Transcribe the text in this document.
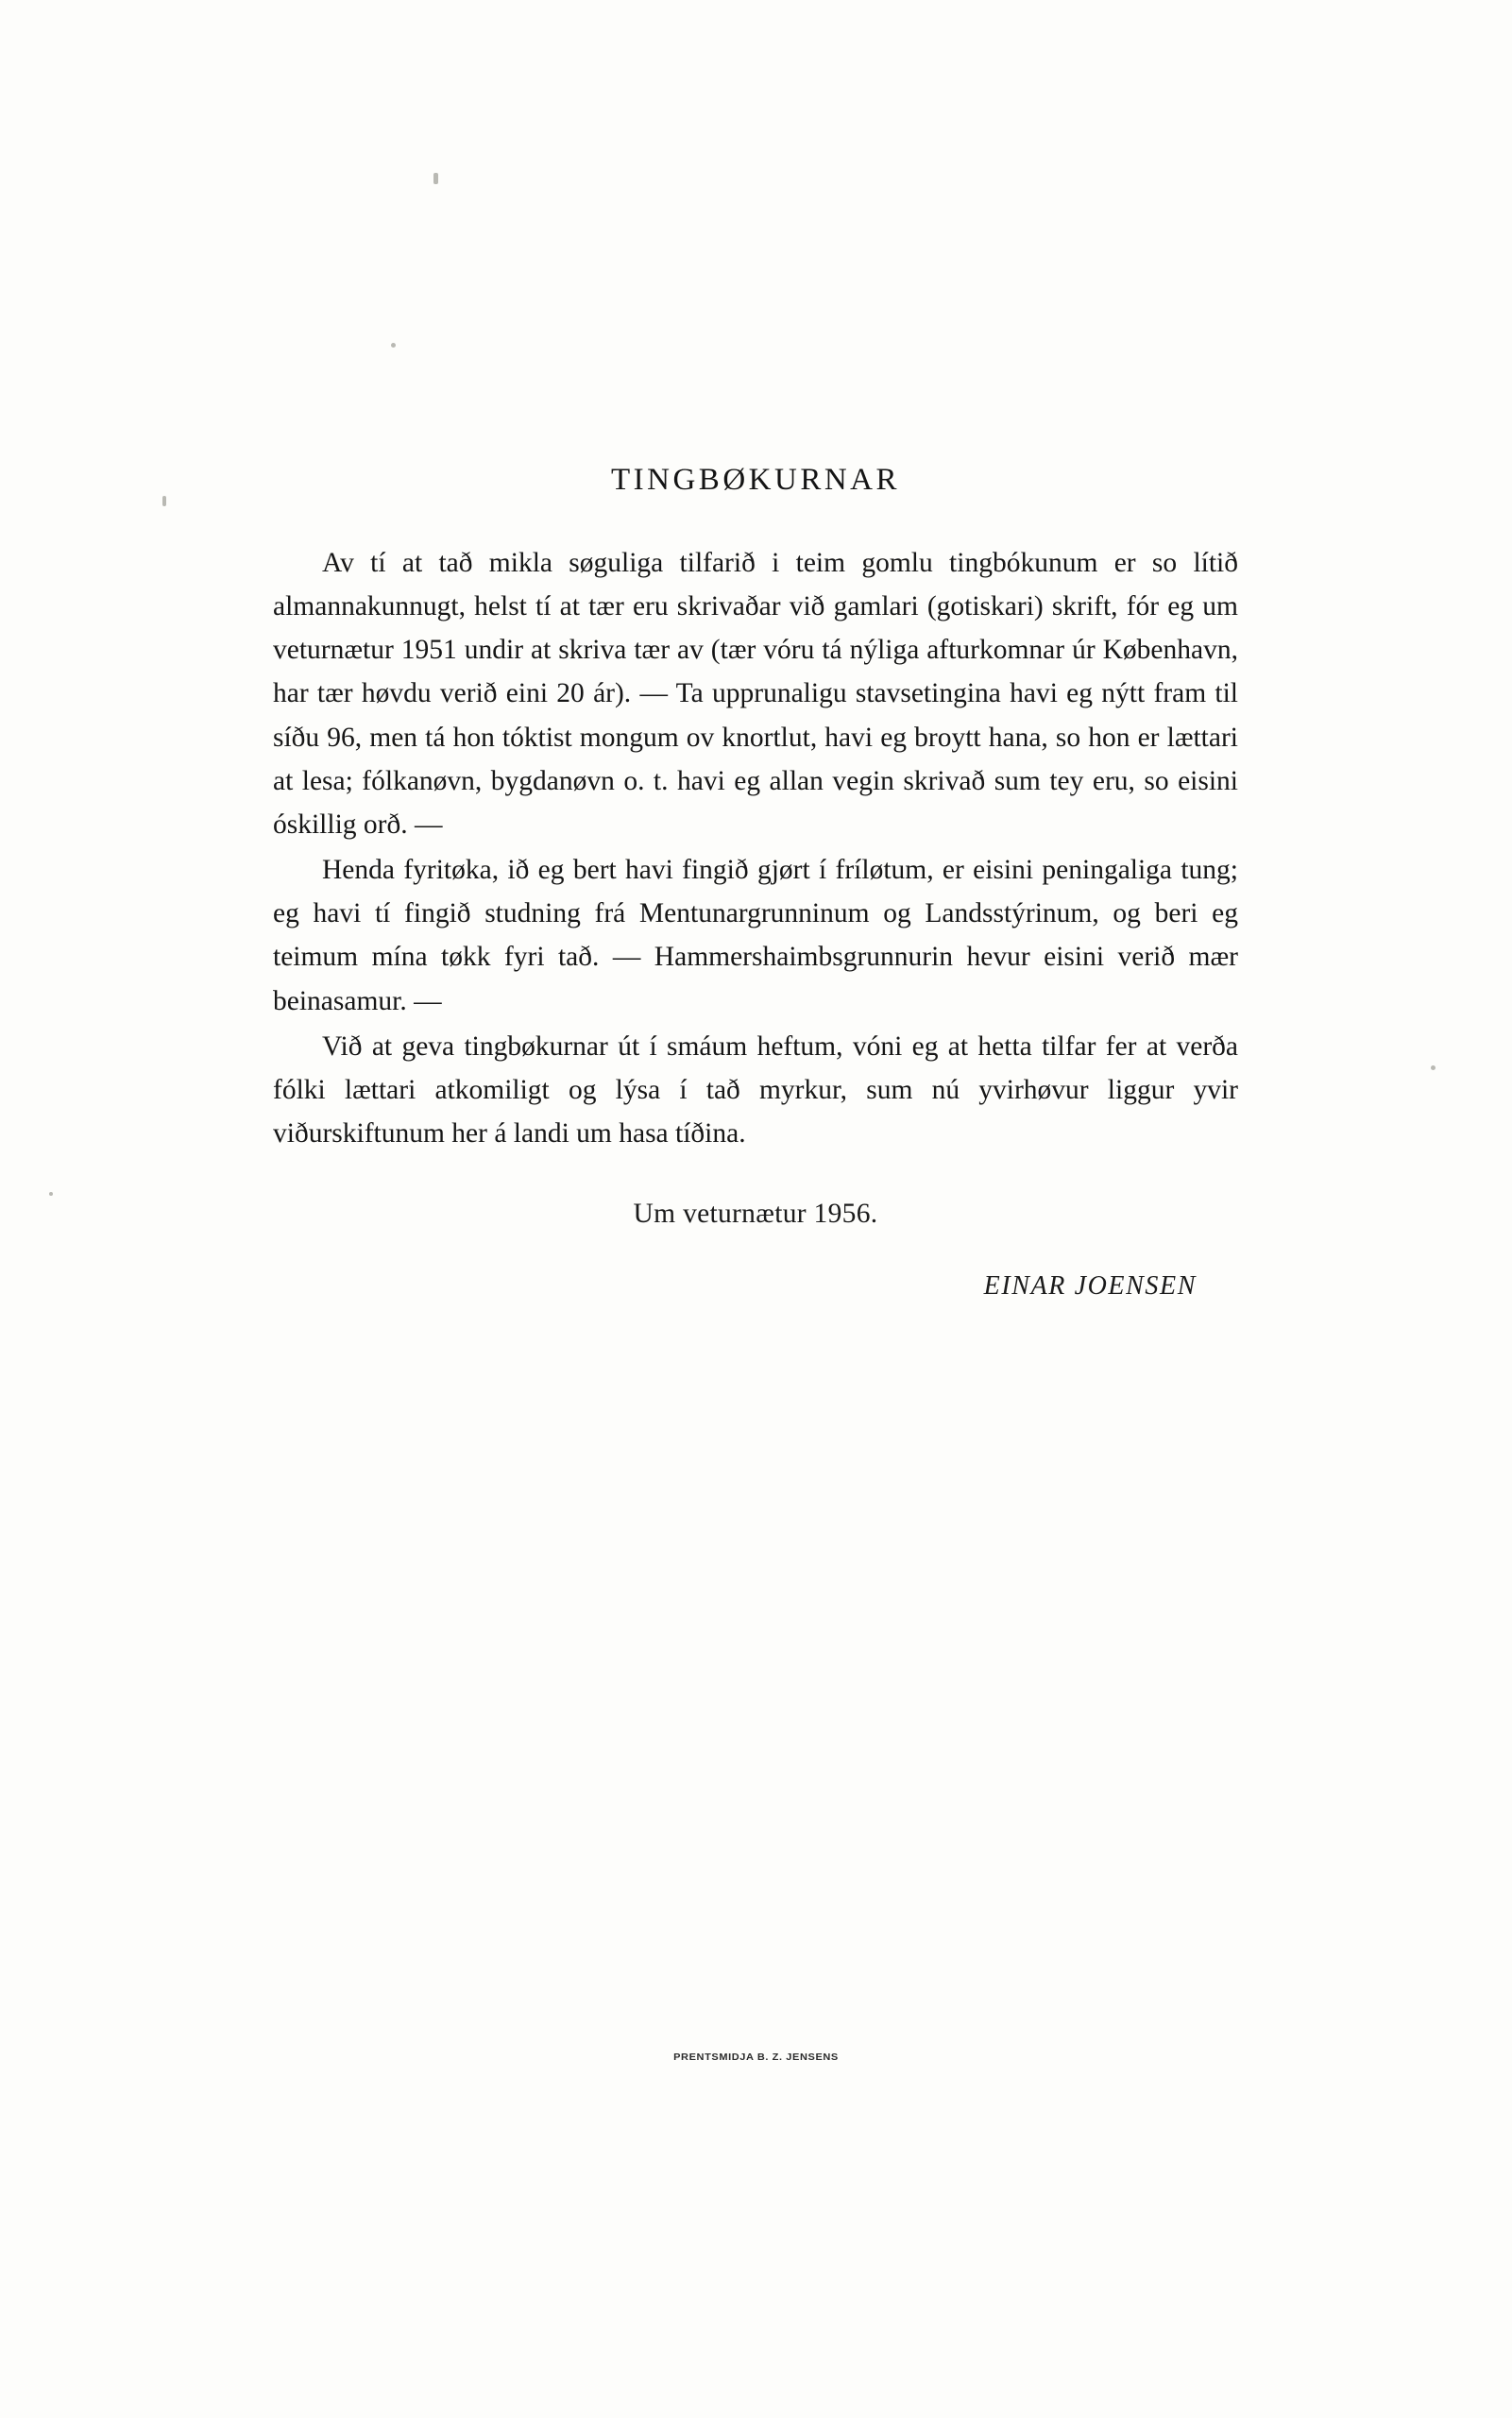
TINGBØKURNAR

Av tí at tað mikla søguliga tilfarið i teim gomlu tingbókunum er so lítið almannakunnugt, helst tí at tær eru skrivaðar við gamlari (gotiskari) skrift, fór eg um veturnætur 1951 undir at skriva tær av (tær vóru tá nýliga afturkomnar úr København, har tær høvdu verið eini 20 ár). — Ta upprunaligu stavsetingina havi eg nýtt fram til síðu 96, men tá hon tóktist mongum ov knortlut, havi eg broytt hana, so hon er lættari at lesa; fólkanøvn, bygdanøvn o. t. havi eg allan vegin skrivað sum tey eru, so eisini óskillig orð. —

Henda fyritøka, ið eg bert havi fingið gjørt í fríløtum, er eisini peningaliga tung; eg havi tí fingið studning frá Mentunargrunninum og Landsstýrinum, og beri eg teimum mína tøkk fyri tað. — Hammershaimbsgrunnurin hevur eisini verið mær beinasamur. —

Við at geva tingbøkurnar út í smáum heftum, vóni eg at hetta tilfar fer at verða fólki lættari atkomiligt og lýsa í tað myrkur, sum nú yvirhøvur liggur yvir viðurskiftunum her á landi um hasa tíðina.

Um veturnætur 1956.

EINAR JOENSEN

PRENTSMIDJA B. Z. JENSENS
